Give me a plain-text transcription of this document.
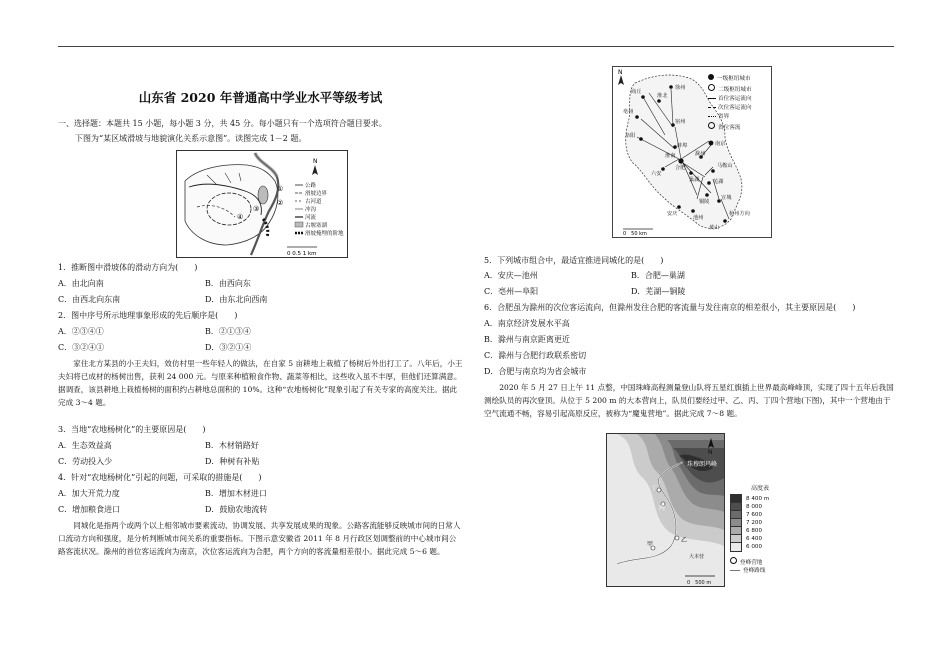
山东省 2020 年普通高中学业水平等级考试
一、选择题：本题共 15 小题，每小题 3 分，共 45 分。每小题只有一个选项符合题目要求。
下图为“某区域滑坡与地貌演化关系示意图”。读图完成 1－2 题。
①
②
③
④
N
公路
滑坡边界
古河道
冲沟
河流
古堰塞湖
滑坡掩埋的阶地
0 0.5 1 km
1．推断图中滑坡体的滑动方向为(　　)
A．由北向南	B．由西向东
C．由西北向东南	D．由东北向西南
2．图中序号所示地理事象形成的先后顺序是(　　)
A．②③④①	B．②①③④
C．③②④①	D．③②①④
家住北方某县的小王夫妇，效仿村里一些年轻人的做法，在自家 5 亩耕地上栽植了杨树后外出打工了。八年后，小王夫妇将已成材的杨树出售，获利 24 000 元。与原来种植粮食作物、蔬菜等相比，这些收入虽不丰厚，但他们还算满意。据调查，该县耕地上栽植杨树的面积约占耕地总面积的 10%。这种“农地杨树化”现象引起了有关专家的高度关注。据此完成 3～4 题。
3．当地“农地杨树化”的主要原因是(　　)
A．生态效益高	B．木材销路好
C．劳动投入少	D．种树有补贴
4．针对“农地杨树化”引起的问题，可采取的措施是(　　)
A．加大开荒力度	B．增加木材进口
C．增加粮食进口	D．鼓励农地流转
同城化是指两个或两个以上相邻城市要素流动、协调发展、共享发展成果的现象。公路客流能够反映城市间的日常人口流动方向和强度，是分析判断城市间关系的重要指标。下图示意安徽省 2011 年 8 月行政区划调整前的中心城市间公路客流状况。滁州的首位客运流向为南京，次位客运流向为合肥，两个方向的客流量相差很小。据此完成 5～6 题。
商丘
徐州
淮北
宿州
亳州
蚌埠
阜阳
淮南	滁州
南京
合肥
六安
马鞍山
巢湖	芜湖
铜陵
宣城
安庆
池州
黄山
杭州方向
N
0　50 km
一级枢纽城市
二级枢纽城市
首位客运流向
次位客运流向
省界
省位客流
5．下列城市组合中，最适宜推进同城化的是(　　)
A．安庆—池州	B．合肥—巢湖
C．亳州—阜阳	D．芜湖—铜陵
6．合肥虽为滁州的次位客运流向，但滁州发往合肥的客流量与发往南京的相差很小，其主要原因是(　　)
A．南京经济发展水平高
B．滁州与南京距离更近
C．滁州与合肥行政联系密切
D．合肥与南京均为省会城市
2020 年 5 月 27 日上午 11 点整，中国珠峰高程测量登山队将五星红旗插上世界最高峰峰顶，实现了四十五年后我国测绘队员的再次登顶。从位于 5 200 m 的大本营向上，队员们要经过甲、乙、丙、丁四个营地(下图)，其中一个营地由于空气流通不畅，容易引起高原反应，被称为“魔鬼营地”。据此完成 7～8 题。
珠穆朗玛峰
丁
丙
乙
甲
大本营
N
0　500 m
高度表
8 400 m
8 000
7 600
7 200
6 800
6 400
6 000
登峰营地
登峰路线
